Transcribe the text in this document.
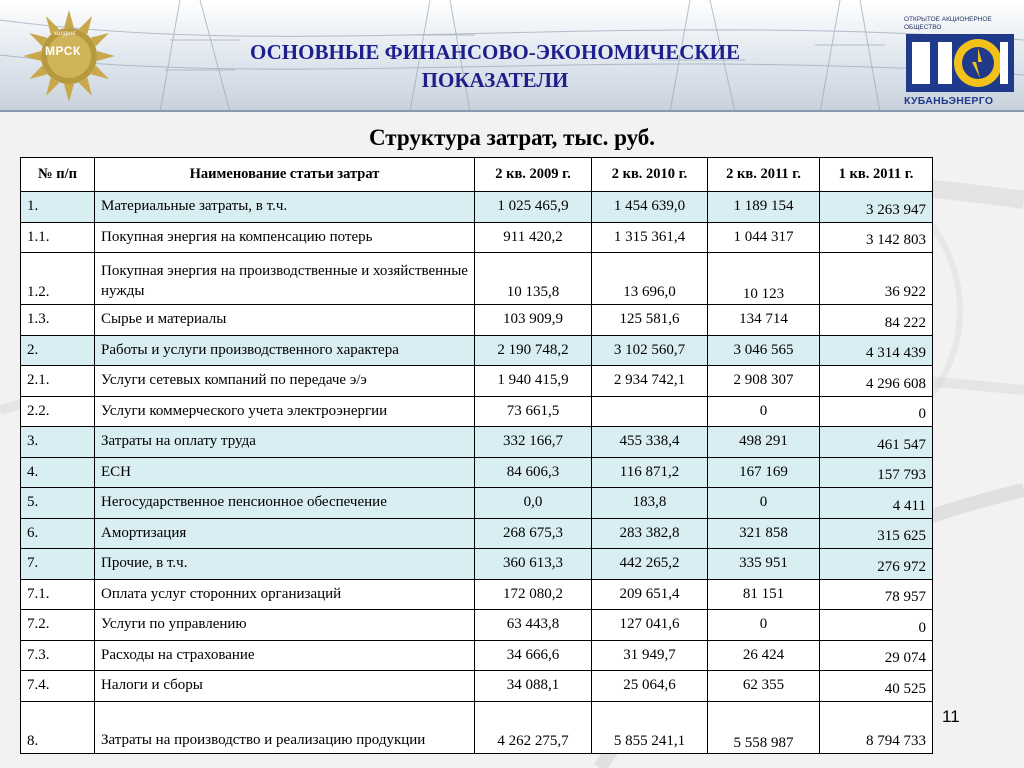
холдинг
МРСК	ОСНОВНЫЕ ФИНАНСОВО-ЭКОНОМИЧЕСКИЕ
ПОКАЗАТЕЛИ
ОТКРЫТОЕ АКЦИОНЕРНОЕ ОБЩЕСТВО
КУБАНЬЭНЕРГО
Структура затрат, тыс. руб.
№ п/п	Наименование статьи затрат	2 кв. 2009 г.	2 кв. 2010 г.	2 кв. 2011 г.	1 кв. 2011 г.
1.	Материальные затраты, в т.ч.	1 025 465,9	1 454 639,0	1 189 154	3 263 947
1.1.	Покупная энергия на компенсацию потерь	911 420,2	1 315 361,4	1 044 317	3 142 803
1.2.	Покупная энергия на производственные и хозяйственные нужды	10 135,8	13 696,0	10 123	36 922
1.3.	Сырье и материалы	103 909,9	125 581,6	134 714	84 222
2.	Работы и услуги производственного характера	2 190 748,2	3 102 560,7	3 046 565	4 314 439
2.1.	Услуги сетевых компаний по передаче э/э	1 940 415,9	2 934 742,1	2 908 307	4 296 608
2.2.	Услуги коммерческого учета электроэнергии	73 661,5		0	0
3.	Затраты на оплату труда	332 166,7	455 338,4	498 291	461 547
4.	ЕСН	84 606,3	116 871,2	167 169	157 793
5.	Негосударственное пенсионное обеспечение	0,0	183,8	0	4 411
6.	Амортизация	268 675,3	283 382,8	321 858	315 625
7.	Прочие, в т.ч.	360 613,3	442 265,2	335 951	276 972
7.1.	Оплата услуг сторонних организаций	172 080,2	209 651,4	81 151	78 957
7.2.	Услуги по управлению	63 443,8	127 041,6	0	0
7.3.	Расходы на страхование	34 666,6	31 949,7	26 424	29 074
7.4.	Налоги и сборы	34 088,1	25 064,6	62 355	40 525
8.	Затраты на производство и реализацию продукции	4 262 275,7	5 855 241,1	5 558 987	8 794 733
11
